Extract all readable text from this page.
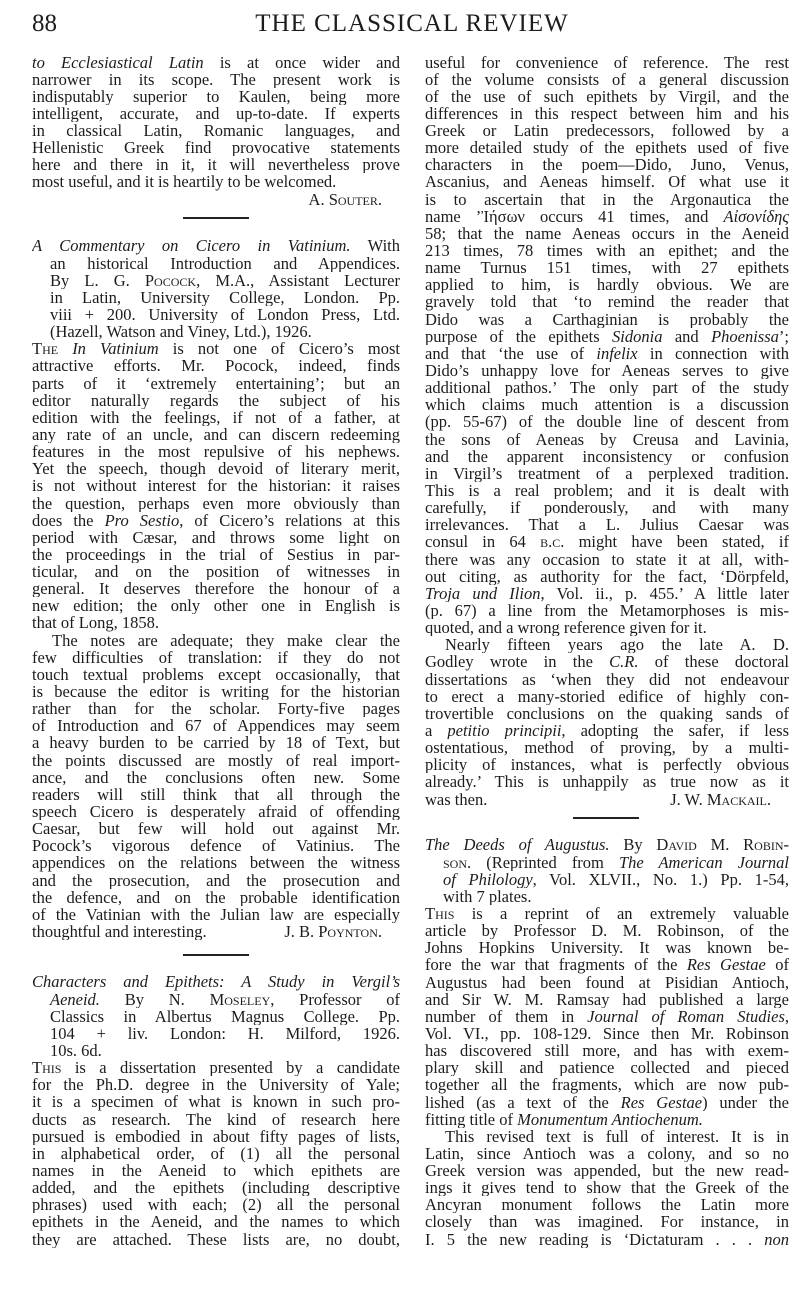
88	THE CLASSICAL REVIEW
to Ecclesiastical Latin is at once wider and
narrower in its scope. The present work is
indisputably superior to Kaulen, being more
intelligent, accurate, and up-to-date. If experts
in classical Latin, Romanic languages, and
Hellenistic Greek find provocative statements
here and there in it, it will nevertheless prove
most useful, and it is heartily to be welcomed.
A. Souter.
A Commentary on Cicero in Vatinium. With
an historical Introduction and Appendices.
By L. G. Pocock, M.A., Assistant Lecturer
in Latin, University College, London. Pp.
viii + 200. University of London Press, Ltd.
(Hazell, Watson and Viney, Ltd.), 1926.
The In Vatinium is not one of Cicero’s most
attractive efforts. Mr. Pocock, indeed, finds
parts of it ‘extremely entertaining’; but an
editor naturally regards the subject of his
edition with the feelings, if not of a father, at
any rate of an uncle, and can discern redeeming
features in the most repulsive of his nephews.
Yet the speech, though devoid of literary merit,
is not without interest for the historian: it raises
the question, perhaps even more obviously than
does the Pro Sestio, of Cicero’s relations at this
period with Cæsar, and throws some light on
the proceedings in the trial of Sestius in par-
ticular, and on the position of witnesses in
general. It deserves therefore the honour of a
new edition; the only other one in English is
that of Long, 1858.
The notes are adequate; they make clear the
few difficulties of translation: if they do not
touch textual problems except occasionally, that
is because the editor is writing for the historian
rather than for the scholar. Forty-five pages
of Introduction and 67 of Appendices may seem
a heavy burden to be carried by 18 of Text, but
the points discussed are mostly of real import-
ance, and the conclusions often new. Some
readers will still think that all through the
speech Cicero is desperately afraid of offending
Caesar, but few will hold out against Mr.
Pocock’s vigorous defence of Vatinius. The
appendices on the relations between the witness
and the prosecution, and the prosecution and
the defence, and on the probable identification
of the Vatinian with the Julian law are especially
thoughtful and interesting.	J. B. Poynton.
Characters and Epithets: A Study in Vergil’s
Aeneid. By N. Moseley, Professor of
Classics in Albertus Magnus College. Pp.
104 + liv. London: H. Milford, 1926.
10s. 6d.
This is a dissertation presented by a candidate
for the Ph.D. degree in the University of Yale;
it is a specimen of what is known in such pro-
ducts as research. The kind of research here
pursued is embodied in about fifty pages of lists,
in alphabetical order, of (1) all the personal
names in the Aeneid to which epithets are
added, and the epithets (including descriptive
phrases) used with each; (2) all the personal
epithets in the Aeneid, and the names to which
they are attached. These lists are, no doubt,
useful for convenience of reference. The rest
of the volume consists of a general discussion
of the use of such epithets by Virgil, and the
differences in this respect between him and his
Greek or Latin predecessors, followed by a
more detailed study of the epithets used of five
characters in the poem—Dido, Juno, Venus,
Ascanius, and Aeneas himself. Of what use it
is to ascertain that in the Argonautica the
name ’Ἰήσων occurs 41 times, and Αἰσονίδης
58; that the name Aeneas occurs in the Aeneid
213 times, 78 times with an epithet; and the
name Turnus 151 times, with 27 epithets
applied to him, is hardly obvious. We are
gravely told that ‘to remind the reader that
Dido was a Carthaginian is probably the
purpose of the epithets Sidonia and Phoenissa’;
and that ‘the use of infelix in connection with
Dido’s unhappy love for Aeneas serves to give
additional pathos.’ The only part of the study
which claims much attention is a discussion
(pp. 55-67) of the double line of descent from
the sons of Aeneas by Creusa and Lavinia,
and the apparent inconsistency or confusion
in Virgil’s treatment of a perplexed tradition.
This is a real problem; and it is dealt with
carefully, if ponderously, and with many
irrelevances. That a L. Julius Caesar was
consul in 64 b.c. might have been stated, if
there was any occasion to state it at all, with-
out citing, as authority for the fact, ‘Dörpfeld,
Troja und Ilion, Vol. ii., p. 455.’ A little later
(p. 67) a line from the Metamorphoses is mis-
quoted, and a wrong reference given for it.
Nearly fifteen years ago the late A. D.
Godley wrote in the C.R. of these doctoral
dissertations as ‘when they did not endeavour
to erect a many-storied edifice of highly con-
trovertible conclusions on the quaking sands of
a petitio principii, adopting the safer, if less
ostentatious, method of proving, by a multi-
plicity of instances, what is perfectly obvious
already.’ This is unhappily as true now as it
was then.	J. W. Mackail.
The Deeds of Augustus. By David M. Robin-
son. (Reprinted from The American Journal
of Philology, Vol. XLVII., No. 1.) Pp. 1-54,
with 7 plates.
This is a reprint of an extremely valuable
article by Professor D. M. Robinson, of the
Johns Hopkins University. It was known be-
fore the war that fragments of the Res Gestae of
Augustus had been found at Pisidian Antioch,
and Sir W. M. Ramsay had published a large
number of them in Journal of Roman Studies,
Vol. VI., pp. 108-129. Since then Mr. Robinson
has discovered still more, and has with exem-
plary skill and patience collected and pieced
together all the fragments, which are now pub-
lished (as a text of the Res Gestae) under the
fitting title of Monumentum Antiochenum.
This revised text is full of interest. It is in
Latin, since Antioch was a colony, and so no
Greek version was appended, but the new read-
ings it gives tend to show that the Greek of the
Ancyran monument follows the Latin more
closely than was imagined. For instance, in
I. 5 the new reading is ‘Dictaturam . . . non
